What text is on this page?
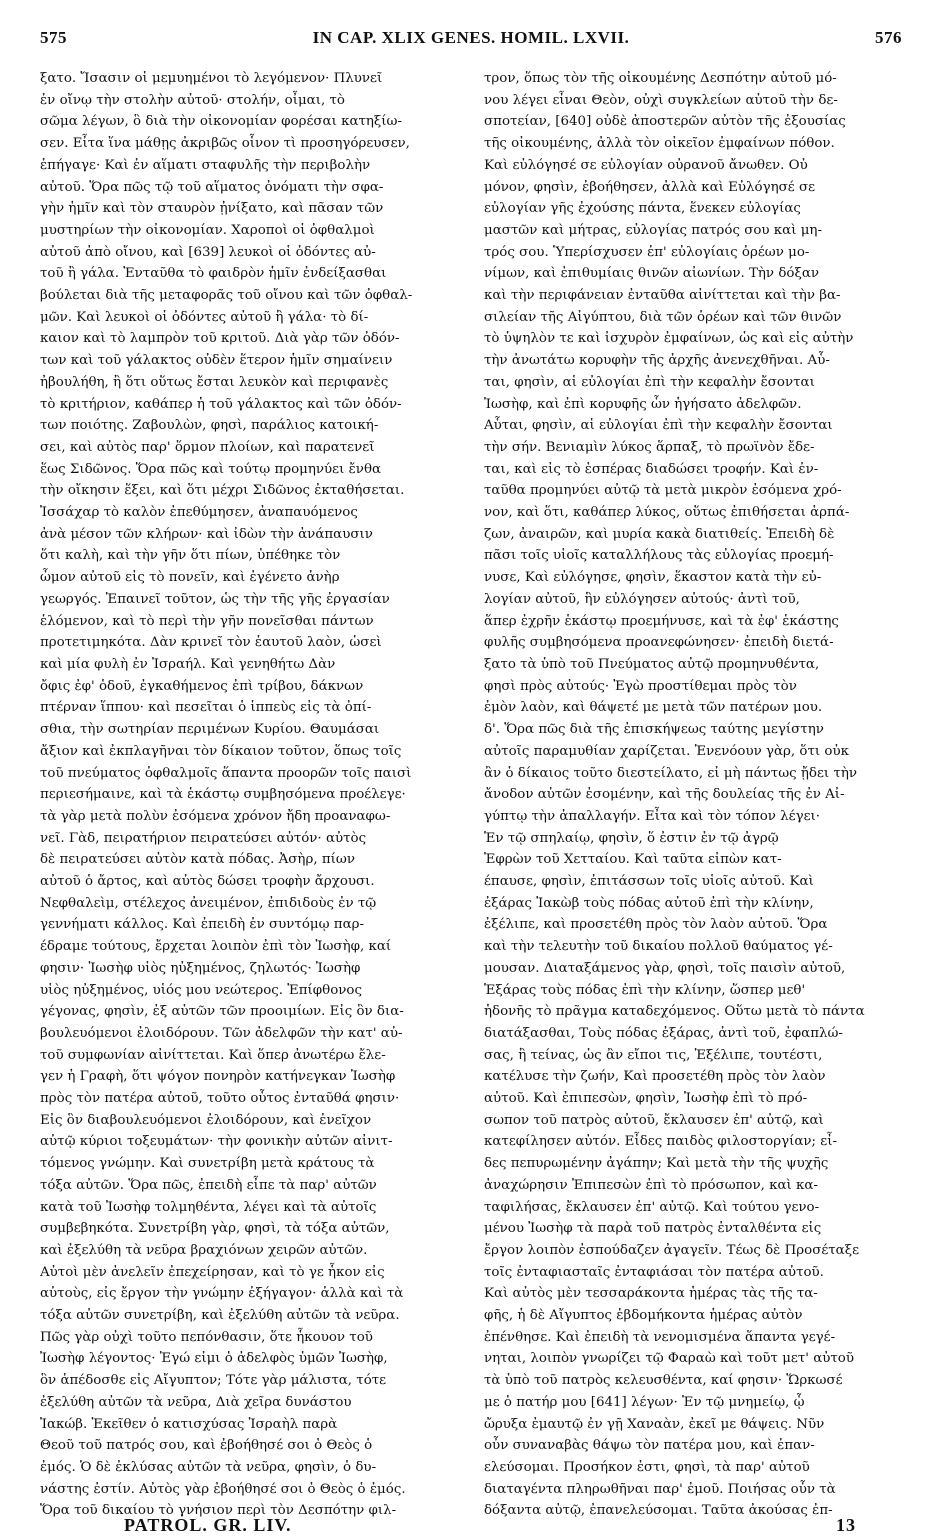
575	IN CAP. XLIX GENES. HOMIL. LXVII.	576
ξατο. Ἴσασιν οἱ μεμυημένοι τὸ λεγόμενον· Πλυνεῖ
ἐν οἴνῳ τὴν στολὴν αὐτοῦ· στολήν, οἶμαι, τὸ
σῶμα λέγων, ὃ διὰ τὴν οἰκονομίαν φορέσαι κατηξίω-
σεν. Εἶτα ἵνα μάθῃς ἀκριβῶς οἷνον τὶ προσηγόρευσεν,
ἐπήγαγε· Καὶ ἐν αἵματι σταφυλῆς τὴν περιβολὴν
αὐτοῦ. Ὅρα πῶς τῷ τοῦ αἵματος ὀνόματι τὴν σφα-
γὴν ἡμῖν καὶ τὸν σταυρὸν ᾐνίξατο, καὶ πᾶσαν τῶν
μυστηρίων τὴν οἰκονομίαν. Χαροποὶ οἱ ὀφθαλμοὶ
αὐτοῦ ἀπὸ οἴνου, καὶ [639] λευκοὶ οἱ ὀδόντες αὐ-
τοῦ ἢ γάλα. Ἐνταῦθα τὸ φαιδρὸν ἡμῖν ἐνδείξασθαι
βούλεται διὰ τῆς μεταφορᾶς τοῦ οἴνου καὶ τῶν ὀφθαλ-
μῶν. Καὶ λευκοὶ οἱ ὀδόντες αὐτοῦ ἢ γάλα· τὸ δί-
καιον καὶ τὸ λαμπρὸν τοῦ κριτοῦ. Διὰ γὰρ τῶν ὀδόν-
των καὶ τοῦ γάλακτος οὐδὲν ἕτερον ἡμῖν σημαίνειν
ἠβουλήθη, ἢ ὅτι οὕτως ἔσται λευκὸν καὶ περιφανὲς
τὸ κριτήριον, καθάπερ ἡ τοῦ γάλακτος καὶ τῶν ὀδόν-
των ποιότης. Ζαβουλὼν, φησὶ, παράλιος κατοική-
σει, καὶ αὐτὸς παρ' ὅρμον πλοίων, καὶ παρατενεῖ
ἕως Σιδῶνος. Ὅρα πῶς καὶ τούτῳ προμηνύει ἔνθα
τὴν οἴκησιν ἕξει, καὶ ὅτι μέχρι Σιδῶνος ἐκταθήσεται.
Ἰσσάχαρ τὸ καλὸν ἐπεθύμησεν, ἀναπαυόμενος
ἀνὰ μέσον τῶν κλήρων· καὶ ἰδὼν τὴν ἀνάπαυσιν
ὅτι καλὴ, καὶ τὴν γῆν ὅτι πίων, ὑπέθηκε τὸν
ὦμον αὐτοῦ εἰς τὸ πονεῖν, καὶ ἐγένετο ἀνὴρ
γεωργός. Ἐπαινεῖ τοῦτον, ὡς τὴν τῆς γῆς ἐργασίαν
ἑλόμενον, καὶ τὸ περὶ τὴν γῆν πονεῖσθαι πάντων
προτετιμηκότα. Δὰν κρινεῖ τὸν ἑαυτοῦ λαὸν, ὡσεὶ
καὶ μία φυλὴ ἐν Ἰσραήλ. Καὶ γενηθήτω Δὰν
ὄφις ἐφ' ὁδοῦ, ἐγκαθήμενος ἐπὶ τρίβου, δάκνων
πτέρναν ἵππου· καὶ πεσεῖται ὁ ἱππεὺς εἰς τὰ ὀπί-
σθια, τὴν σωτηρίαν περιμένων Κυρίου. Θαυμάσαι
ἄξιον καὶ ἐκπλαγῆναι τὸν δίκαιον τοῦτον, ὅπως τοῖς
τοῦ πνεύματος ὀφθαλμοῖς ἅπαντα προορῶν τοῖς παισὶ
περιεσήμαινε, καὶ τὰ ἑκάστῳ συμβησόμενα προέλεγε·
τὰ γὰρ μετὰ πολὺν ἐσόμενα χρόνον ἤδη προαναφω-
νεῖ. Γὰδ, πειρατήριον πειρατεύσει αὐτόν· αὐτὸς
δὲ πειρατεύσει αὐτὸν κατὰ πόδας. Ἀσὴρ, πίων
αὐτοῦ ὁ ἄρτος, καὶ αὐτὸς δώσει τροφὴν ἄρχουσι.
Νεφθαλεὶμ, στέλεχος ἀνειμένον, ἐπιδιδοὺς ἐν τῷ
γεννήματι κάλλος. Καὶ ἐπειδὴ ἐν συντόμῳ παρ-
έδραμε τούτους, ἔρχεται λοιπὸν ἐπὶ τὸν Ἰωσὴφ, καί
φησιν· Ἰωσὴφ υἱὸς ηὐξημένος, ζηλωτός· Ἰωσὴφ
υἱὸς ηὐξημένος, υἱός μου νεώτερος. Ἐπίφθονος
γέγονας, φησὶν, ἐξ αὐτῶν τῶν προοιμίων. Εἰς ὃν δια-
βουλευόμενοι ἐλοιδόρουν. Τῶν ἀδελφῶν τὴν κατ' αὐ-
τοῦ συμφωνίαν αἰνίττεται. Καὶ ὅπερ ἀνωτέρω ἔλε-
γεν ἡ Γραφὴ, ὅτι ψόγον πονηρὸν κατήνεγκαν Ἰωσὴφ
πρὸς τὸν πατέρα αὐτοῦ, τοῦτο οὗτος ἐνταῦθά φησιν·
Εἰς ὃν διαβουλευόμενοι ἐλοιδόρουν, καὶ ἐνεῖχον
αὐτῷ κύριοι τοξευμάτων· τὴν φονικὴν αὐτῶν αἰνιτ-
τόμενος γνώμην. Καὶ συνετρίβη μετὰ κράτους τὰ
τόξα αὐτῶν. Ὅρα πῶς, ἐπειδὴ εἶπε τὰ παρ' αὐτῶν
κατὰ τοῦ Ἰωσὴφ τολμηθέντα, λέγει καὶ τὰ αὐτοῖς
συμβεβηκότα. Συνετρίβη γὰρ, φησὶ, τὰ τόξα αὐτῶν,
καὶ ἐξελύθη τὰ νεῦρα βραχιόνων χειρῶν αὐτῶν.
Αὐτοὶ μὲν ἀνελεῖν ἐπεχείρησαν, καὶ τὸ γε ἧκον εἰς
αὐτοὺς, εἰς ἔργον τὴν γνώμην ἐξήγαγον· ἀλλὰ καὶ τὰ
τόξα αὐτῶν συνετρίβη, καὶ ἐξελύθη αὐτῶν τὰ νεῦρα.
Πῶς γὰρ οὐχὶ τοῦτο πεπόνθασιν, ὅτε ἧκουον τοῦ
Ἰωσὴφ λέγοντος· Ἐγώ εἰμι ὁ ἀδελφὸς ὑμῶν Ἰωσὴφ,
ὃν ἀπέδοσθε εἰς Αἴγυπτον; Τότε γὰρ μάλιστα, τότε
ἐξελύθη αὐτῶν τὰ νεῦρα, Διὰ χεῖρα δυνάστου
Ἰακώβ. Ἐκεῖθεν ὁ κατισχύσας Ἰσραὴλ παρὰ
Θεοῦ τοῦ πατρός σου, καὶ ἐβοήθησέ σοι ὁ Θεὸς ὁ
ἐμός. Ὁ δὲ ἐκλύσας αὐτῶν τὰ νεῦρα, φησὶν, ὁ δυ-
νάστης ἐστίν. Αὐτὸς γὰρ ἐβοήθησέ σοι ὁ Θεὸς ὁ ἐμός.
Ὅρα τοῦ δικαίου τὸ γνήσιον περὶ τὸν Δεσπότην φιλ-
τρον, ὅπως τὸν τῆς οἰκουμένης Δεσπότην αὐτοῦ μό-
νου λέγει εἶναι Θεὸν, οὐχὶ συγκλείων αὐτοῦ τὴν δε-
σποτείαν, [640] οὐδὲ ἀποστερῶν αὐτὸν τῆς ἐξουσίας
τῆς οἰκουμένης, ἀλλὰ τὸν οἰκεῖον ἐμφαίνων πόθον.
Καὶ εὐλόγησέ σε εὐλογίαν οὐρανοῦ ἄνωθεν. Οὐ
μόνον, φησὶν, ἐβοήθησεν, ἀλλὰ καὶ Εὐλόγησέ σε
εὐλογίαν γῆς ἐχούσης πάντα, ἕνεκεν εὐλογίας
μαστῶν καὶ μήτρας, εὐλογίας πατρός σου καὶ μη-
τρός σου. Ὑπερίσχυσεν ἐπ' εὐλογίαις ὀρέων μο-
νίμων, καὶ ἐπιθυμίαις θινῶν αἰωνίων. Τὴν δόξαν
καὶ τὴν περιφάνειαν ἐνταῦθα αἰνίττεται καὶ τὴν βα-
σιλείαν τῆς Αἰγύπτου, διὰ τῶν ὀρέων καὶ τῶν θινῶν
τὸ ὑψηλὸν τε καὶ ἰσχυρὸν ἐμφαίνων, ὡς καὶ εἰς αὐτὴν
τὴν ἀνωτάτω κορυφὴν τῆς ἀρχῆς ἀνενεχθῆναι. Αὗ-
ται, φησὶν, αἱ εὐλογίαι ἐπὶ τὴν κεφαλὴν ἔσονται
Ἰωσὴφ, καὶ ἐπὶ κορυφῆς ὧν ἡγήσατο ἀδελφῶν.
Αὗται, φησὶν, αἱ εὐλογίαι ἐπὶ τὴν κεφαλὴν ἔσονται
τὴν σήν. Βενιαμὶν λύκος ἅρπαξ, τὸ πρωϊνὸν ἔδε-
ται, καὶ εἰς τὸ ἑσπέρας διαδώσει τροφήν. Καὶ ἐν-
ταῦθα προμηνύει αὐτῷ τὰ μετὰ μικρὸν ἐσόμενα χρό-
νον, καὶ ὅτι, καθάπερ λύκος, οὕτως ἐπιθήσεται ἁρπά-
ζων, ἀναιρῶν, καὶ μυρία κακὰ διατιθείς. Ἐπειδὴ δὲ
πᾶσι τοῖς υἱοῖς καταλλήλους τὰς εὐλογίας προεμή-
νυσε, Καὶ εὐλόγησε, φησὶν, ἕκαστον κατὰ τὴν εὐ-
λογίαν αὐτοῦ, ἣν εὐλόγησεν αὐτούς· ἀντὶ τοῦ,
ἅπερ ἐχρῆν ἑκάστῳ προεμήνυσε, καὶ τὰ ἐφ' ἑκάστης
φυλῆς συμβησόμενα προανεφώνησεν· ἐπειδὴ διετά-
ξατο τὰ ὑπὸ τοῦ Πνεύματος αὐτῷ προμηνυθέντα,
φησὶ πρὸς αὐτούς· Ἐγὼ προστίθεμαι πρὸς τὸν
ἐμὸν λαὸν, καὶ θάψετέ με μετὰ τῶν πατέρων μου.
δ'. Ὅρα πῶς διὰ τῆς ἐπισκήψεως ταύτης μεγίστην
αὐτοῖς παραμυθίαν χαρίζεται. Ἐνενόουν γὰρ, ὅτι οὐκ
ἂν ὁ δίκαιος τοῦτο διεστείλατο, εἰ μὴ πάντως ᾔδει τὴν
ἄνοδον αὐτῶν ἐσομένην, καὶ τῆς δουλείας τῆς ἐν Αἰ-
γύπτῳ τὴν ἀπαλλαγήν. Εἶτα καὶ τὸν τόπον λέγει·
Ἐν τῷ σπηλαίῳ, φησὶν, ὅ ἐστιν ἐν τῷ ἀγρῷ
Ἐφρὼν τοῦ Χετταίου. Καὶ ταῦτα εἰπὼν κατ-
έπαυσε, φησὶν, ἐπιτάσσων τοῖς υἱοῖς αὐτοῦ. Καὶ
ἐξάρας Ἰακὼβ τοὺς πόδας αὐτοῦ ἐπὶ τὴν κλίνην,
ἐξέλιπε, καὶ προσετέθη πρὸς τὸν λαὸν αὐτοῦ. Ὅρα
καὶ τὴν τελευτὴν τοῦ δικαίου πολλοῦ θαύματος γέ-
μουσαν. Διαταξάμενος γὰρ, φησὶ, τοῖς παισὶν αὐτοῦ,
Ἐξάρας τοὺς πόδας ἐπὶ τὴν κλίνην, ὥσπερ μεθ'
ἡδονῆς τὸ πρᾶγμα καταδεχόμενος. Οὕτω μετὰ τὸ πάντα
διατάξασθαι, Τοὺς πόδας ἐξάρας, ἀντὶ τοῦ, ἐφαπλώ-
σας, ἢ τείνας, ὡς ἂν εἴποι τις, Ἐξέλιπε, τουτέστι,
κατέλυσε τὴν ζωήν, Καὶ προσετέθη πρὸς τὸν λαὸν
αὐτοῦ. Καὶ ἐπιπεσὼν, φησὶν, Ἰωσὴφ ἐπὶ τὸ πρό-
σωπον τοῦ πατρὸς αὐτοῦ, ἔκλαυσεν ἐπ' αὐτῷ, καὶ
κατεφίλησεν αὐτόν. Εἶδες παιδὸς φιλοστοργίαν; εἶ-
δες πεπυρωμένην ἀγάπην; Καὶ μετὰ τὴν τῆς ψυχῆς
ἀναχώρησιν Ἐπιπεσὼν ἐπὶ τὸ πρόσωπον, καὶ κα-
ταφιλήσας, ἔκλαυσεν ἐπ' αὐτῷ. Καὶ τούτου γενο-
μένου Ἰωσὴφ τὰ παρὰ τοῦ πατρὸς ἐνταλθέντα εἰς
ἔργον λοιπὸν ἐσπούδαζεν ἀγαγεῖν. Τέως δὲ Προσέταξε
τοῖς ἐνταφιασταῖς ἐνταφιάσαι τὸν πατέρα αὐτοῦ.
Καὶ αὐτὸς μὲν τεσσαράκοντα ἡμέρας τὰς τῆς τα-
φῆς, ἡ δὲ Αἴγυπτος ἑβδομήκοντα ἡμέρας αὐτὸν
ἐπένθησε. Καὶ ἐπειδὴ τὰ νενομισμένα ἅπαντα γεγέ-
νηται, λοιπὸν γνωρίζει τῷ Φαραὼ καὶ τοῦτ μετ' αὐτοῦ
τὰ ὑπὸ τοῦ πατρὸς κελευσθέντα, καί φησιν· Ὥρκωσέ
με ὁ πατήρ μου [641] λέγων· Ἐν τῷ μνημείῳ, ᾧ
ὤρυξα ἐμαυτῷ ἐν γῇ Χαναὰν, ἐκεῖ με θάψεις. Νῦν
οὖν συναναβὰς θάψω τὸν πατέρα μου, καὶ ἐπαν-
ελεύσομαι. Προσήκον ἐστι, φησὶ, τὰ παρ' αὐτοῦ
διαταγέντα πληρωθῆναι παρ' ἐμοῦ. Ποιήσας οὖν τὰ
δόξαντα αὐτῷ, ἐπανελεύσομαι. Ταῦτα ἀκούσας ἐπ-
PATROL. GR. LIV.	13
